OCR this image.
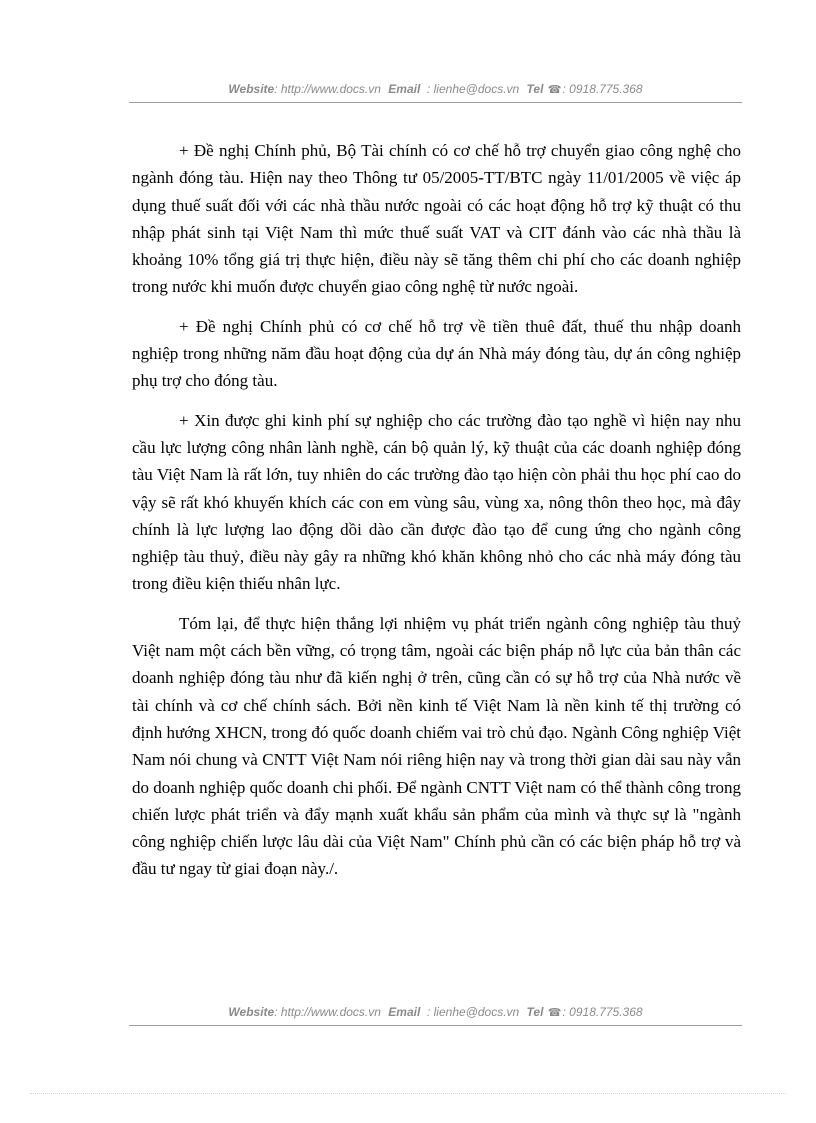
Website: http://www.docs.vn Email : lienhe@docs.vn Tel ☎: 0918.775.368

+ Đề nghị Chính phủ, Bộ Tài chính có cơ chế hỗ trợ chuyển giao công nghệ cho ngành đóng tàu. Hiện nay theo Thông tư 05/2005-TT/BTC ngày 11/01/2005 về việc áp dụng thuế suất đối với các nhà thầu nước ngoài có các hoạt động hỗ trợ kỹ thuật có thu nhập phát sinh tại Việt Nam thì mức thuế suất VAT và CIT đánh vào các nhà thầu là khoảng 10% tổng giá trị thực hiện, điều này sẽ tăng thêm chi phí cho các doanh nghiệp trong nước khi muốn được chuyển giao công nghệ từ nước ngoài.

+ Đề nghị Chính phủ có cơ chế hỗ trợ về tiền thuê đất, thuế thu nhập doanh nghiệp trong những năm đầu hoạt động của dự án Nhà máy đóng tàu, dự án công nghiệp phụ trợ cho đóng tàu.

+ Xin được ghi kinh phí sự nghiệp cho các trường đào tạo nghề vì hiện nay nhu cầu lực lượng công nhân lành nghề, cán bộ quản lý, kỹ thuật của các doanh nghiệp đóng tàu Việt Nam là rất lớn, tuy nhiên do các trường đào tạo hiện còn phải thu học phí cao do vậy sẽ rất khó khuyến khích các con em vùng sâu, vùng xa, nông thôn theo học, mà đây chính là lực lượng lao động dồi dào cần được đào tạo để cung ứng cho ngành công nghiệp tàu thuỷ, điều này gây ra những khó khăn không nhỏ cho các nhà máy đóng tàu trong điều kiện thiếu nhân lực.

Tóm lại, để thực hiện thắng lợi nhiệm vụ phát triển ngành công nghiệp tàu thuỷ Việt nam một cách bền vững, có trọng tâm, ngoài các biện pháp nỗ lực của bản thân các doanh nghiệp đóng tàu như đã kiến nghị ở trên, cũng cần có sự hỗ trợ của Nhà nước về tài chính và cơ chế chính sách. Bởi nền kinh tế Việt Nam là nền kinh tế thị trường có định hướng XHCN, trong đó quốc doanh chiếm vai trò chủ đạo. Ngành Công nghiệp Việt Nam nói chung và CNTT Việt Nam nói riêng hiện nay và trong thời gian dài sau này vẫn do doanh nghiệp quốc doanh chi phối. Để ngành CNTT Việt nam có thể thành công trong chiến lược phát triển và đẩy mạnh xuất khẩu sản phẩm của mình và thực sự là "ngành công nghiệp chiến lược lâu dài của Việt Nam" Chính phủ cần có các biện pháp hỗ trợ và đầu tư ngay từ giai đoạn này./.

Website: http://www.docs.vn Email : lienhe@docs.vn Tel ☎: 0918.775.368
